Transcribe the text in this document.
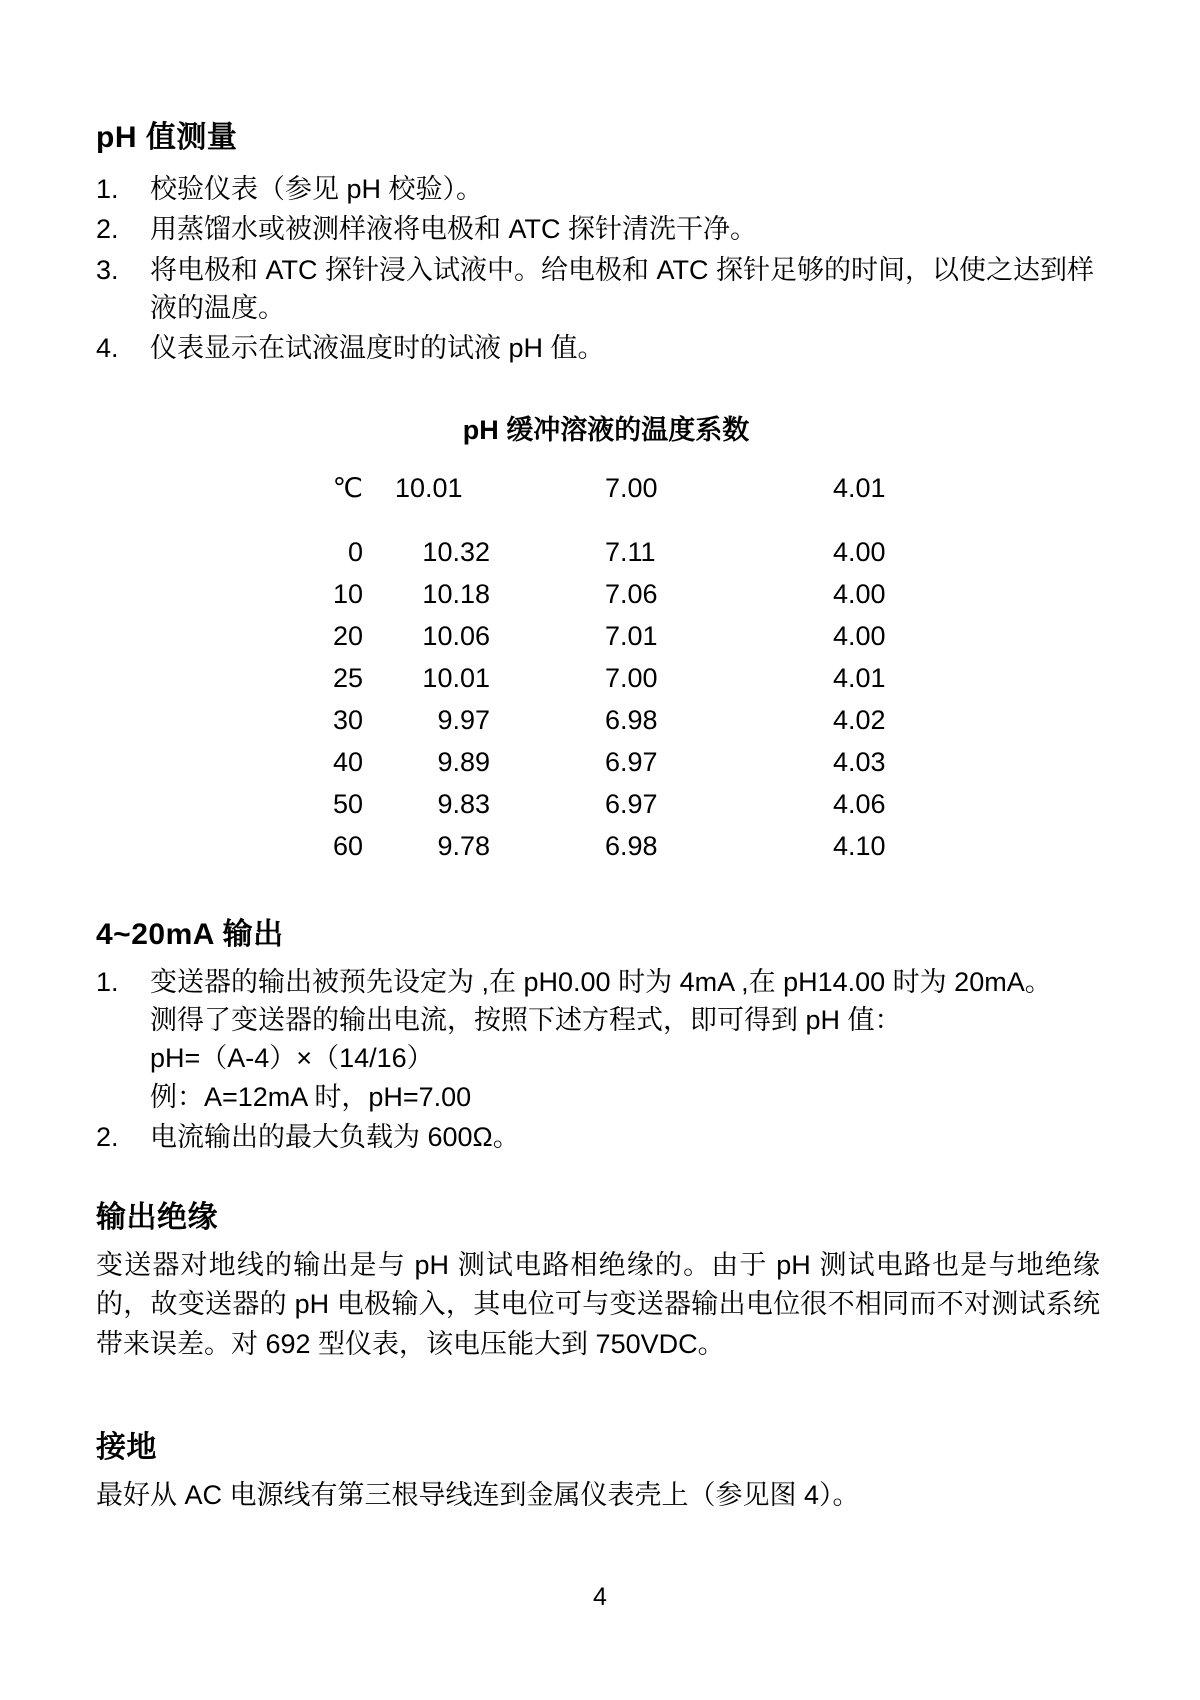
pH 值测量
1.	校验仪表（参见 pH 校验）。
2.	用蒸馏水或被测样液将电极和 ATC 探针清洗干净。
3.	将电极和 ATC 探针浸入试液中。给电极和 ATC 探针足够的时间，以使之达到样液的温度。
4.	仪表显示在试液温度时的试液 pH 值。
pH 缓冲溶液的温度系数
℃	10.01	7.00	4.01
0	10.32	7.11	4.00
10	10.18	7.06	4.00
20	10.06	7.01	4.00
25	10.01	7.00	4.01
30	9.97	6.98	4.02
40	9.89	6.97	4.03
50	9.83	6.97	4.06
60	9.78	6.98	4.10
4~20mA 输出
1.	变送器的输出被预先设定为 ,在 pH0.00 时为 4mA ,在 pH14.00 时为 20mA。
测得了变送器的输出电流，按照下述方程式，即可得到 pH 值：
pH=（A-4）×（14/16）
例：A=12mA 时，pH=7.00
2.	电流输出的最大负载为 600Ω。
输出绝缘

变送器对地线的输出是与 pH 测试电路相绝缘的。由于 pH 测试电路也是与地绝缘的，故变送器的 pH 电极输入，其电位可与变送器输出电位很不相同而不对测试系统带来误差。对 692 型仪表，该电压能大到 750VDC。

接地

最好从 AC 电源线有第三根导线连到金属仪表壳上（参见图 4）。

4
